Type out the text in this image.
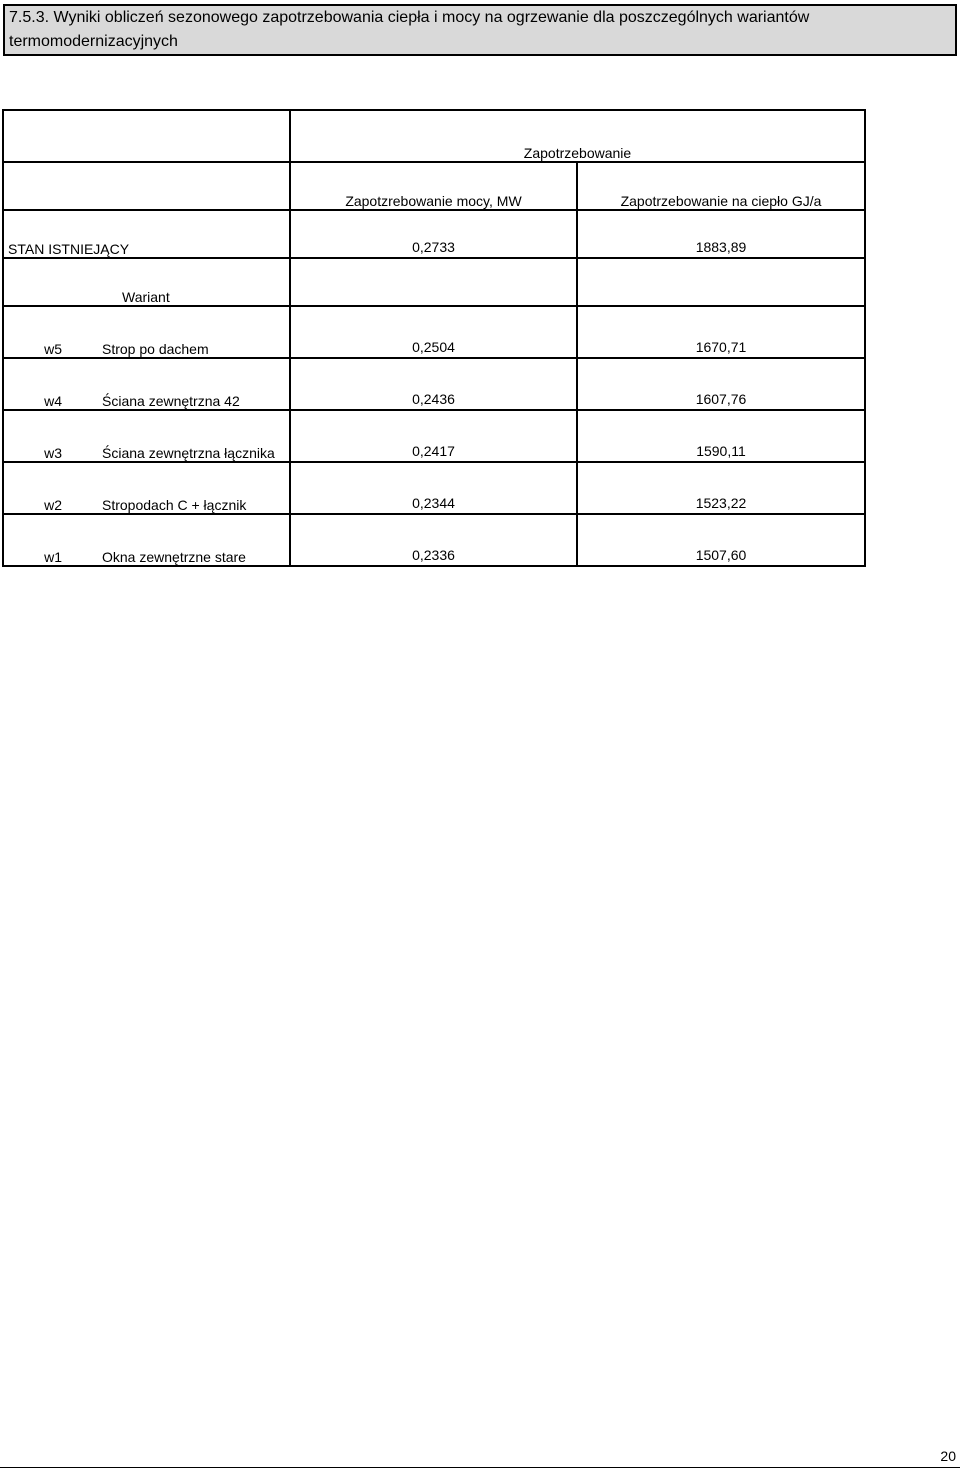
7.5.3. Wyniki obliczeń sezonowego zapotrzebowania ciepła i mocy na ogrzewanie dla poszczególnych wariantów
termomodernizacyjnych
	Zapotrzebowanie	
	Zapotzrebowanie mocy, MW	Zapotrzebowanie na ciepło GJ/a
STAN ISTNIEJĄCY	0,2733	1883,89
Wariant		
w5 Strop po dachem	0,2504	1670,71
w4 Ściana zewnętrzna 42	0,2436	1607,76
w3 Ściana zewnętrzna łącznika	0,2417	1590,11
w2 Stropodach C + łącznik	0,2344	1523,22
w1 Okna zewnętrzne stare	0,2336	1507,60
20
